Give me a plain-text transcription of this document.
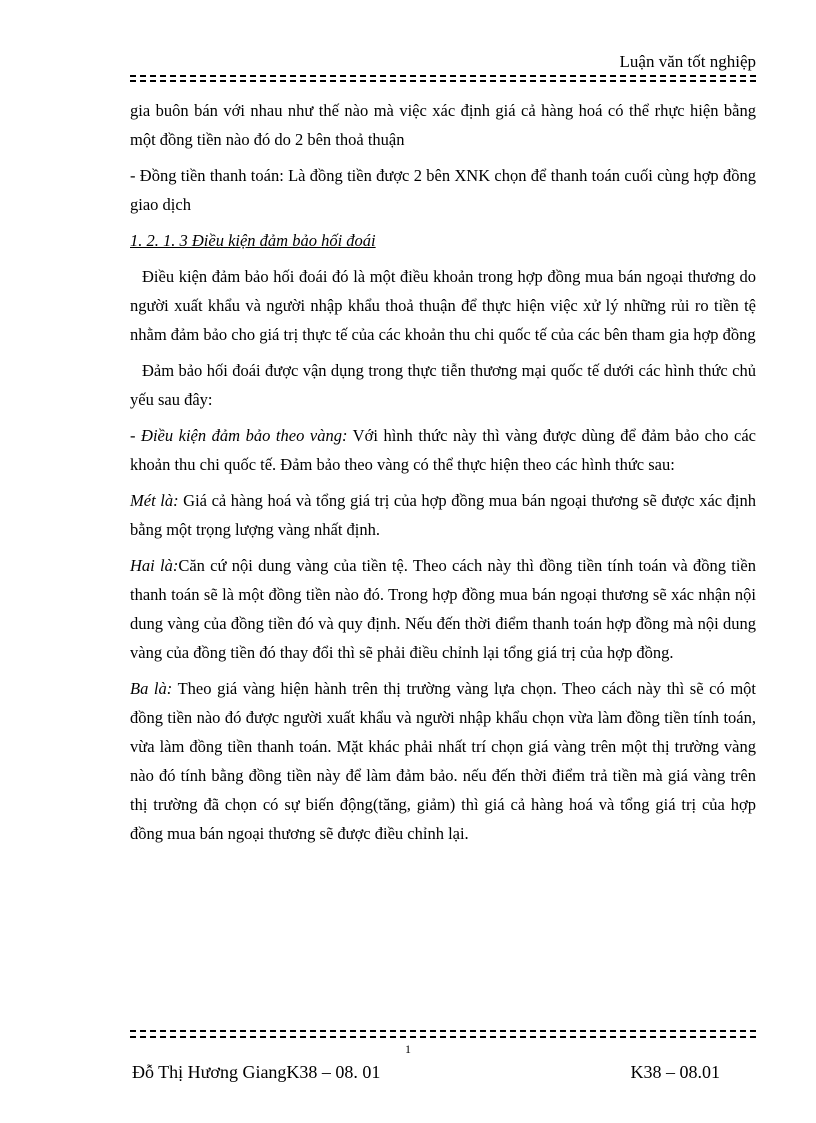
Luận văn tốt nghiệp

gia buôn bán với nhau như thế nào mà việc xác định giá cả hàng hoá có thể rhực hiện bằng một đồng tiền nào đó do 2 bên thoả thuận

- Đồng tiền thanh toán: Là đồng tiền được 2 bên XNK chọn để thanh toán cuối cùng hợp đồng giao dịch

1. 2. 1. 3 Điều kiện đảm bảo hối đoái

Điều kiện đảm bảo hối đoái đó là một điều khoản trong hợp đồng mua bán ngoại thương do người xuất khẩu và người nhập khẩu thoả thuận để thực hiện việc xử lý những rủi ro tiền tệ nhằm đảm bảo cho giá trị thực tế của các khoản thu chi quốc tế của các bên tham gia hợp đồng

Đảm bảo hối đoái được vận dụng trong thực tiễn thương mại quốc tế dưới các hình thức chủ yếu sau đây:

- Điều kiện đảm bảo theo vàng: Với hình thức này thì vàng được dùng để đảm bảo cho các khoản thu chi quốc tế. Đảm bảo theo vàng có thể thực hiện theo các hình thức sau:

Mét là: Giá cả hàng hoá và tổng giá trị của hợp đồng mua bán ngoại thương sẽ được xác định bằng một trọng lượng vàng nhất định.

Hai là:Căn cứ nội dung vàng của tiền tệ. Theo cách này thì đồng tiền tính toán và đồng tiền thanh toán sẽ là một đồng tiền nào đó. Trong hợp đồng mua bán ngoại thương sẽ xác nhận nội dung vàng của đồng tiền đó và quy định. Nếu đến thời điểm thanh toán hợp đồng mà nội dung vàng của đồng tiền đó thay đổi thì sẽ phải điều chỉnh lại tổng giá trị của hợp đồng.

Ba là: Theo giá vàng hiện hành trên thị trường vàng lựa chọn. Theo cách này thì sẽ có một đồng tiền nào đó được người xuất khẩu và người nhập khẩu chọn vừa làm đồng tiền tính toán, vừa làm đồng tiền thanh toán. Mặt khác phải nhất trí chọn giá vàng trên một thị trường vàng nào đó tính bằng đồng tiền này để làm đảm bảo. nếu đến thời điểm trả tiền mà giá vàng trên thị trường đã chọn có sự biến động(tăng, giảm) thì giá cả hàng hoá và tổng giá trị của hợp đồng mua bán ngoại thương sẽ được điều chỉnh lại.

1
Đỗ Thị Hương GiangK38 – 08. 01	K38 – 08.01
